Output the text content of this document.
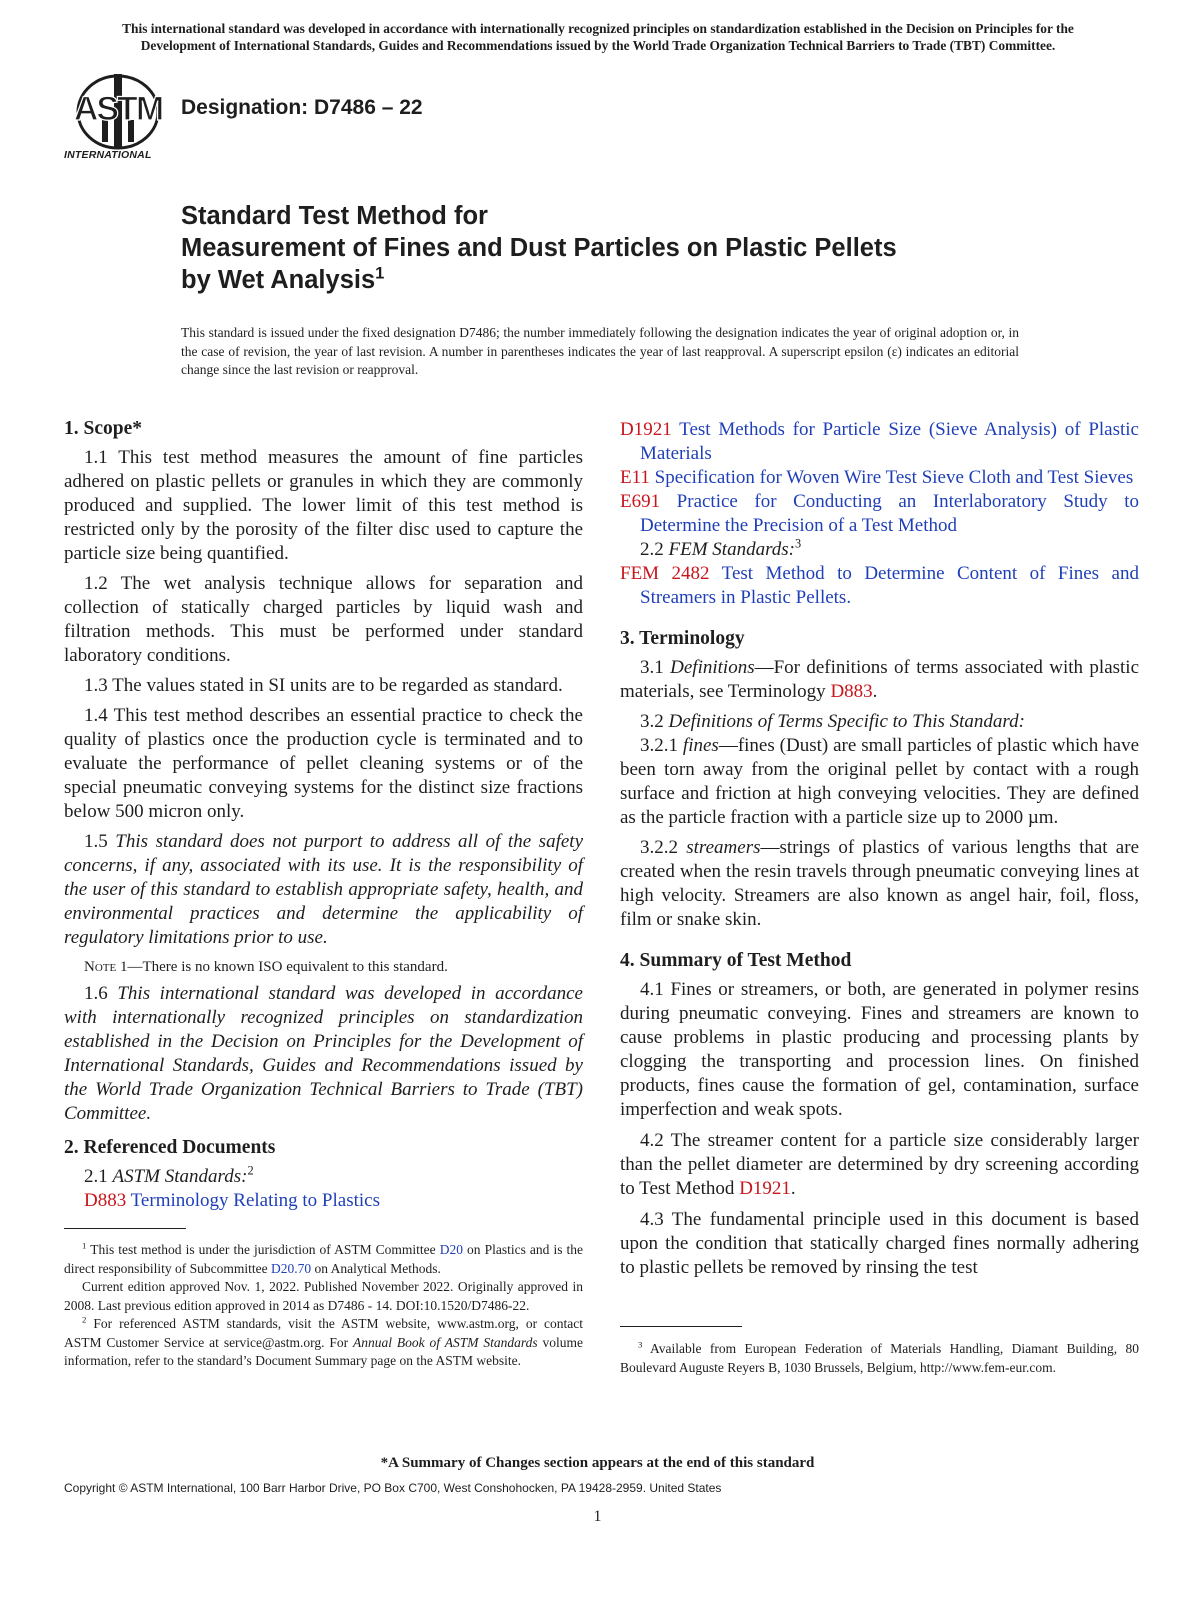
This international standard was developed in accordance with internationally recognized principles on standardization established in the Decision on Principles for the
Development of International Standards, Guides and Recommendations issued by the World Trade Organization Technical Barriers to Trade (TBT) Committee.
ASTM
INTERNATIONAL
Designation: D7486 – 22
Standard Test Method for
Measurement of Fines and Dust Particles on Plastic Pellets
by Wet Analysis$^1$
This standard is issued under the fixed designation D7486; the number immediately following the designation indicates the year of original adoption or, in the case of revision, the year of last revision. A number in parentheses indicates the year of last reapproval. A superscript epsilon (ε) indicates an editorial change since the last revision or reapproval.
1. Scope*

1.1 This test method measures the amount of fine particles adhered on plastic pellets or granules in which they are commonly produced and supplied. The lower limit of this test method is restricted only by the porosity of the filter disc used to capture the particle size being quantified.

1.2 The wet analysis technique allows for separation and collection of statically charged particles by liquid wash and filtration methods. This must be performed under standard laboratory conditions.

1.3 The values stated in SI units are to be regarded as standard.

1.4 This test method describes an essential practice to check the quality of plastics once the production cycle is terminated and to evaluate the performance of pellet cleaning systems or of the special pneumatic conveying systems for the distinct size fractions below 500 micron only.

1.5 This standard does not purport to address all of the safety concerns, if any, associated with its use. It is the responsibility of the user of this standard to establish appropriate safety, health, and environmental practices and determine the applicability of regulatory limitations prior to use.

Note 1—There is no known ISO equivalent to this standard.

1.6 This international standard was developed in accordance with internationally recognized principles on standardization established in the Decision on Principles for the Development of International Standards, Guides and Recommendations issued by the World Trade Organization Technical Barriers to Trade (TBT) Committee.

2. Referenced Documents

2.1 ASTM Standards:$^2$

D883 Terminology Relating to Plastics

$^1$ This test method is under the jurisdiction of ASTM Committee D20 on Plastics and is the direct responsibility of Subcommittee D20.70 on Analytical Methods.

Current edition approved Nov. 1, 2022. Published November 2022. Originally approved in 2008. Last previous edition approved in 2014 as D7486 - 14. DOI:10.1520/D7486-22.

$^2$ For referenced ASTM standards, visit the ASTM website, www.astm.org, or contact ASTM Customer Service at service@astm.org. For Annual Book of ASTM Standards volume information, refer to the standard’s Document Summary page on the ASTM website.

D1921 Test Methods for Particle Size (Sieve Analysis) of Plastic Materials

E11 Specification for Woven Wire Test Sieve Cloth and Test Sieves

E691 Practice for Conducting an Interlaboratory Study to Determine the Precision of a Test Method

2.2 FEM Standards:$^3$

FEM 2482 Test Method to Determine Content of Fines and Streamers in Plastic Pellets.

3. Terminology

3.1 Definitions—For definitions of terms associated with plastic materials, see Terminology D883.

3.2 Definitions of Terms Specific to This Standard:

3.2.1 fines—fines (Dust) are small particles of plastic which have been torn away from the original pellet by contact with a rough surface and friction at high conveying velocities. They are defined as the particle fraction with a particle size up to 2000 µm.

3.2.2 streamers—strings of plastics of various lengths that are created when the resin travels through pneumatic conveying lines at high velocity. Streamers are also known as angel hair, foil, floss, film or snake skin.

4. Summary of Test Method

4.1 Fines or streamers, or both, are generated in polymer resins during pneumatic conveying. Fines and streamers are known to cause problems in plastic producing and processing plants by clogging the transporting and procession lines. On finished products, fines cause the formation of gel, contamination, surface imperfection and weak spots.

4.2 The streamer content for a particle size considerably larger than the pellet diameter are determined by dry screening according to Test Method D1921.

4.3 The fundamental principle used in this document is based upon the condition that statically charged fines normally adhering to plastic pellets be removed by rinsing the test

$^3$ Available from European Federation of Materials Handling, Diamant Building, 80 Boulevard Auguste Reyers B, 1030 Brussels, Belgium, http://www.fem-eur.com.

*A Summary of Changes section appears at the end of this standard
Copyright © ASTM International, 100 Barr Harbor Drive, PO Box C700, West Conshohocken, PA 19428-2959. United States
1
